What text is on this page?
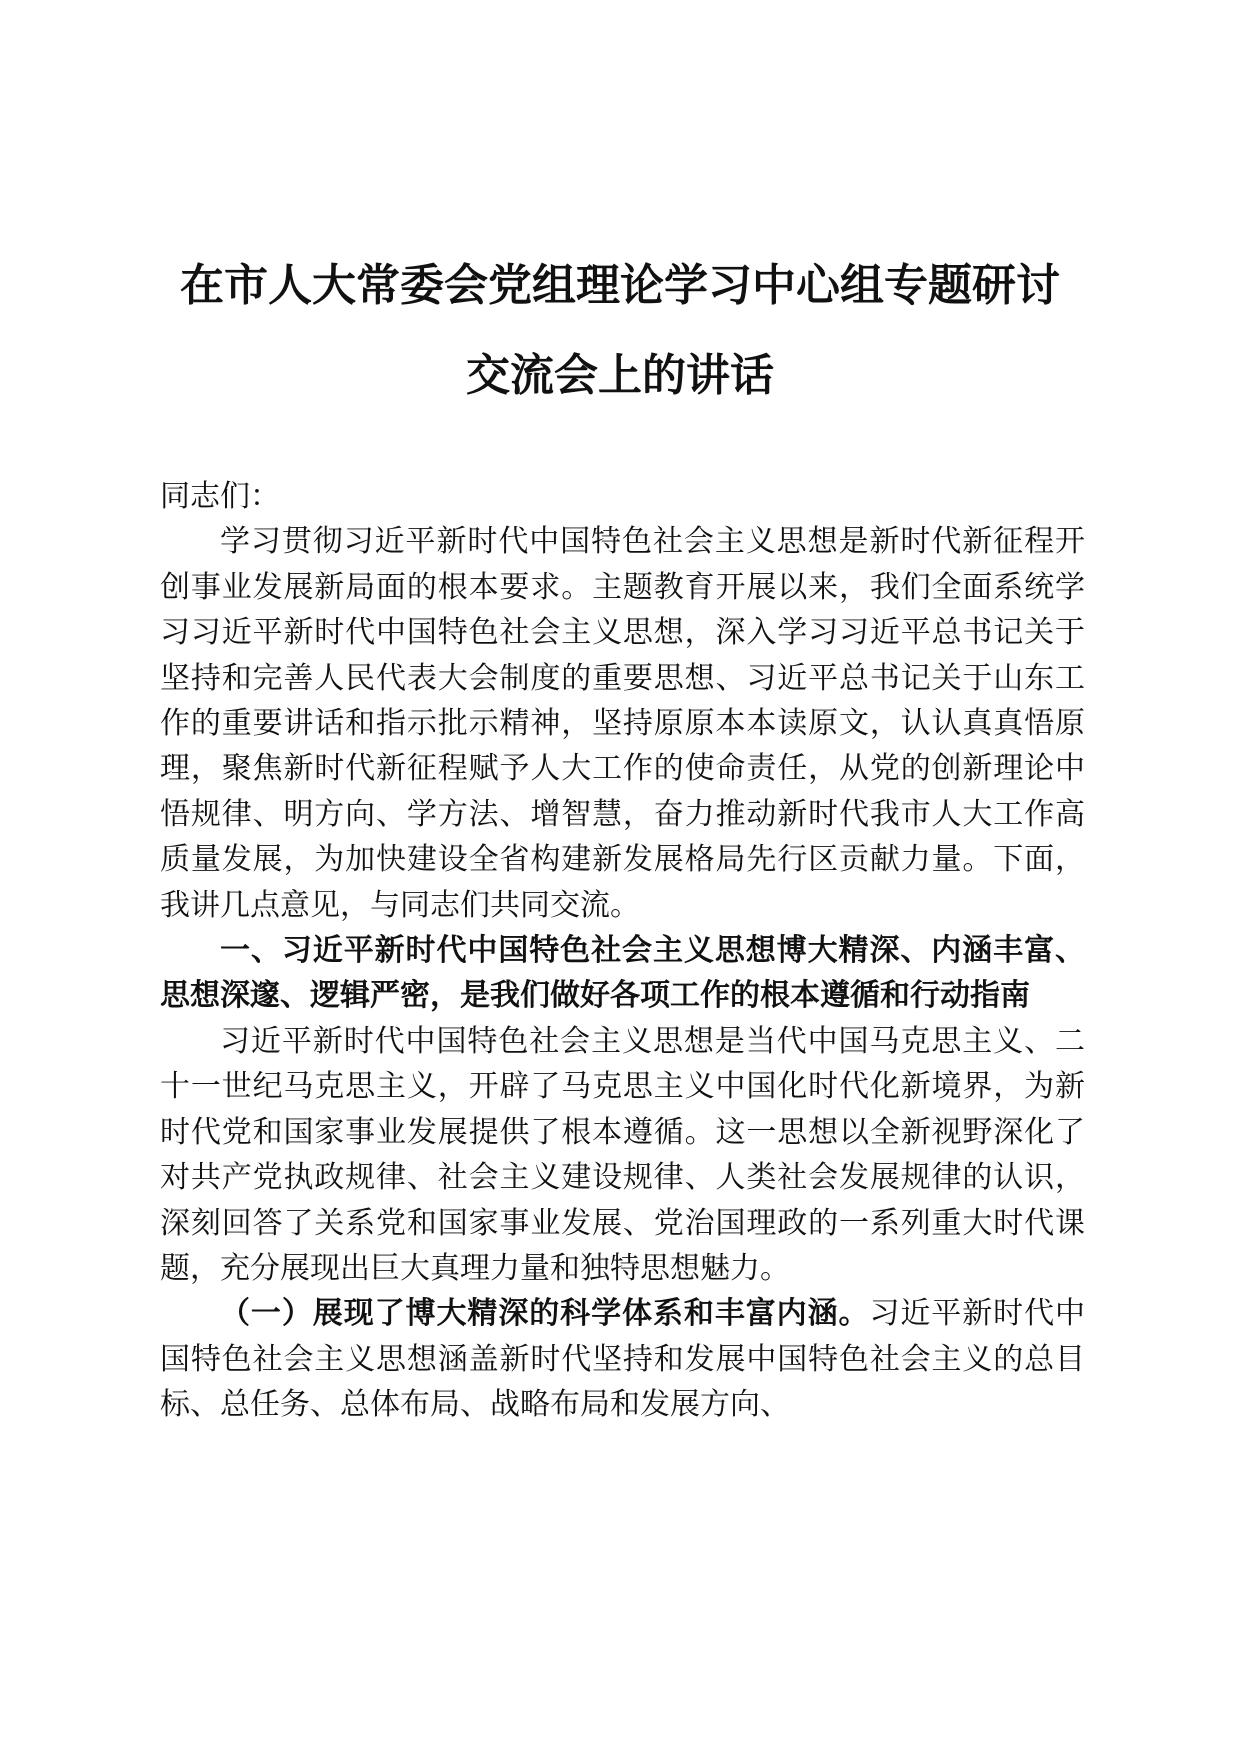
在市人大常委会党组理论学习中心组专题研讨
交流会上的讲话

同志们：

学习贯彻习近平新时代中国特色社会主义思想是新时代新征程开创事业发展新局面的根本要求。主题教育开展以来，我们全面系统学习习近平新时代中国特色社会主义思想，深入学习习近平总书记关于坚持和完善人民代表大会制度的重要思想、习近平总书记关于山东工作的重要讲话和指示批示精神，坚持原原本本读原文，认认真真悟原理，聚焦新时代新征程赋予人大工作的使命责任，从党的创新理论中悟规律、明方向、学方法、增智慧，奋力推动新时代我市人大工作高质量发展，为加快建设全省构建新发展格局先行区贡献力量。下面，我讲几点意见，与同志们共同交流。

一、习近平新时代中国特色社会主义思想博大精深、内涵丰富、思想深邃、逻辑严密，是我们做好各项工作的根本遵循和行动指南

习近平新时代中国特色社会主义思想是当代中国马克思主义、二十一世纪马克思主义，开辟了马克思主义中国化时代化新境界，为新时代党和国家事业发展提供了根本遵循。这一思想以全新视野深化了对共产党执政规律、社会主义建设规律、人类社会发展规律的认识，深刻回答了关系党和国家事业发展、党治国理政的一系列重大时代课题，充分展现出巨大真理力量和独特思想魅力。

（一）展现了博大精深的科学体系和丰富内涵。习近平新时代中国特色社会主义思想涵盖新时代坚持和发展中国特色社会主义的总目标、总任务、总体布局、战略布局和发展方向、
